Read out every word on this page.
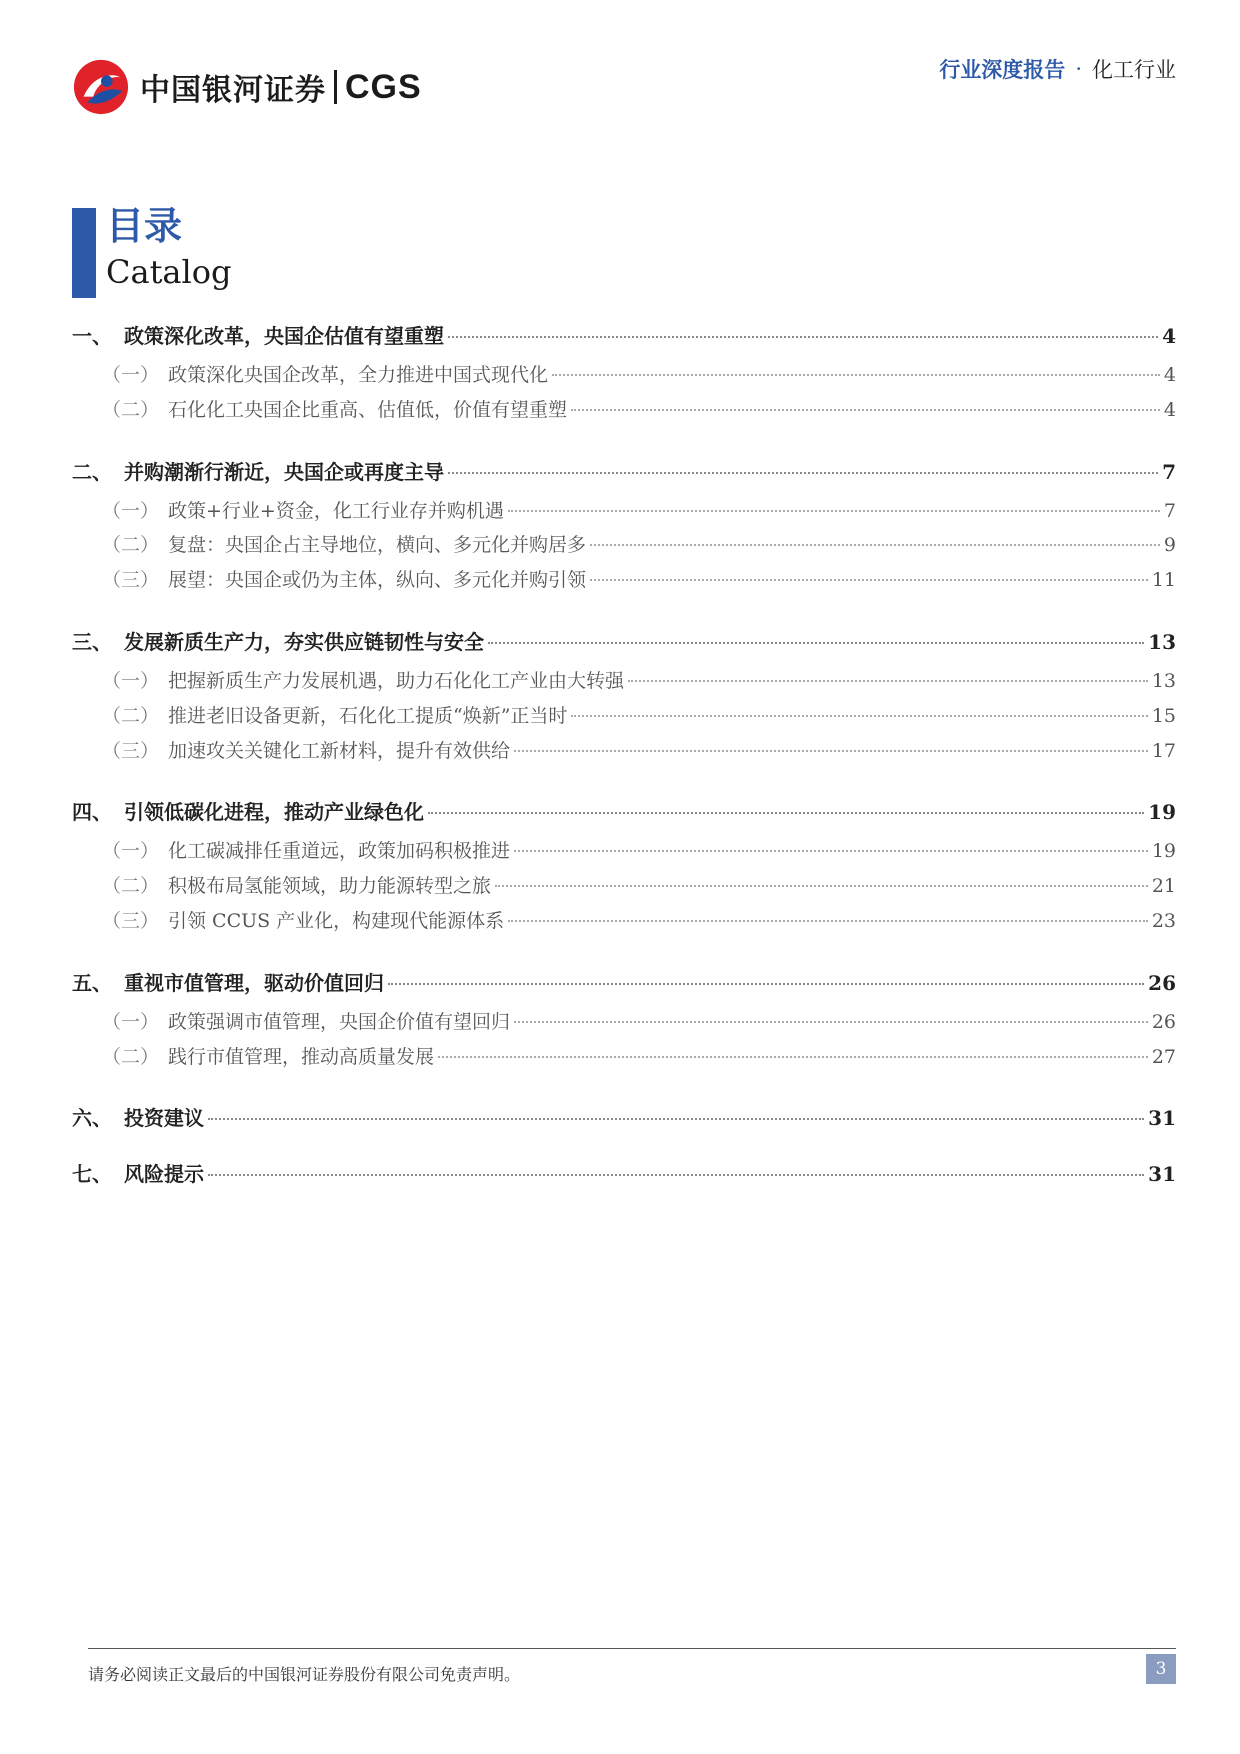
中国银河证券 CGS	行业深度报告 · 化工行业
目录
Catalog
一、 政策深化改革，央国企估值有望重塑	4
（一） 政策深化央国企改革，全力推进中国式现代化	4
（二） 石化化工央国企比重高、估值低，价值有望重塑	4
二、 并购潮渐行渐近，央国企或再度主导	7
（一） 政策+行业+资金，化工行业存并购机遇	7
（二） 复盘：央国企占主导地位，横向、多元化并购居多	9
（三） 展望：央国企或仍为主体，纵向、多元化并购引领	11
三、 发展新质生产力，夯实供应链韧性与安全	13
（一） 把握新质生产力发展机遇，助力石化化工产业由大转强	13
（二） 推进老旧设备更新，石化化工提质“焕新”正当时	15
（三） 加速攻关关键化工新材料，提升有效供给	17
四、 引领低碳化进程，推动产业绿色化	19
（一） 化工碳减排任重道远，政策加码积极推进	19
（二） 积极布局氢能领域，助力能源转型之旅	21
（三） 引领 CCUS 产业化，构建现代能源体系	23
五、 重视市值管理，驱动价值回归	26
（一） 政策强调市值管理，央国企价值有望回归	26
（二） 践行市值管理，推动高质量发展	27
六、 投资建议	31
七、 风险提示	31
请务必阅读正文最后的中国银河证券股份有限公司免责声明。	3
